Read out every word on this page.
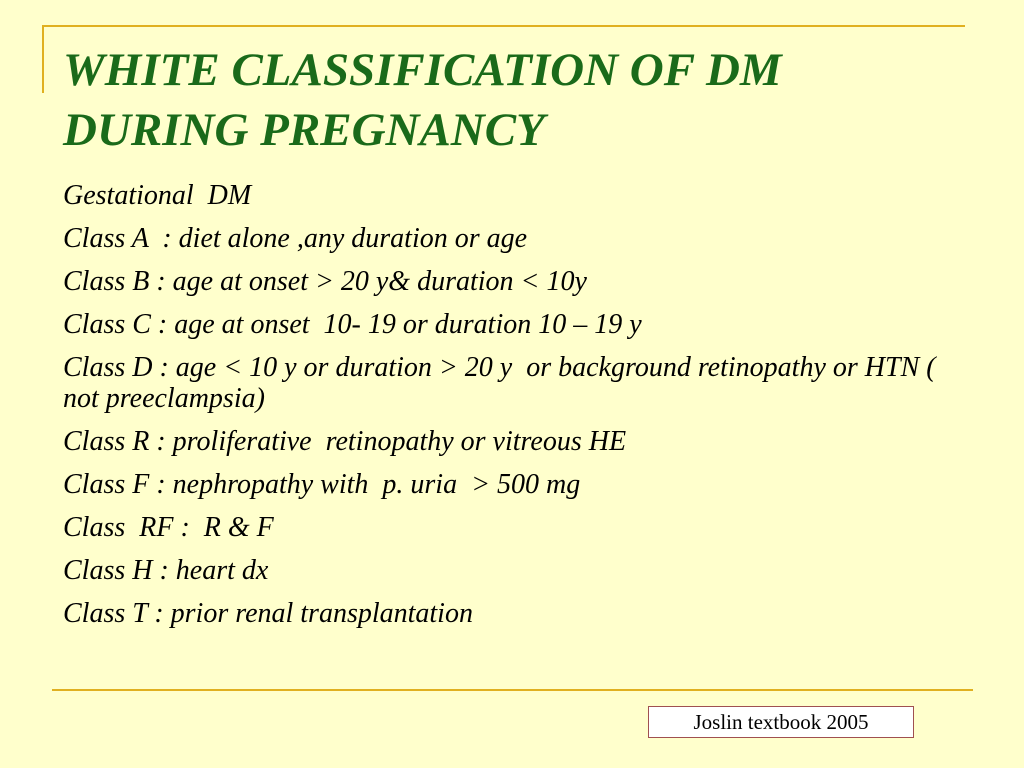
WHITE CLASSIFICATION OF DM
DURING PREGNANCY
Gestational  DM
Class A  : diet alone ,any duration or age
Class B : age at onset > 20 y& duration < 10y
Class C : age at onset  10- 19 or duration 10 – 19 y
Class D : age < 10 y or duration > 20 y  or background retinopathy or HTN ( not preeclampsia)
Class R : proliferative  retinopathy or vitreous HE
Class F : nephropathy with  p. uria  > 500 mg
Class  RF :  R & F
Class H : heart dx
Class T : prior renal transplantation
Joslin textbook 2005
